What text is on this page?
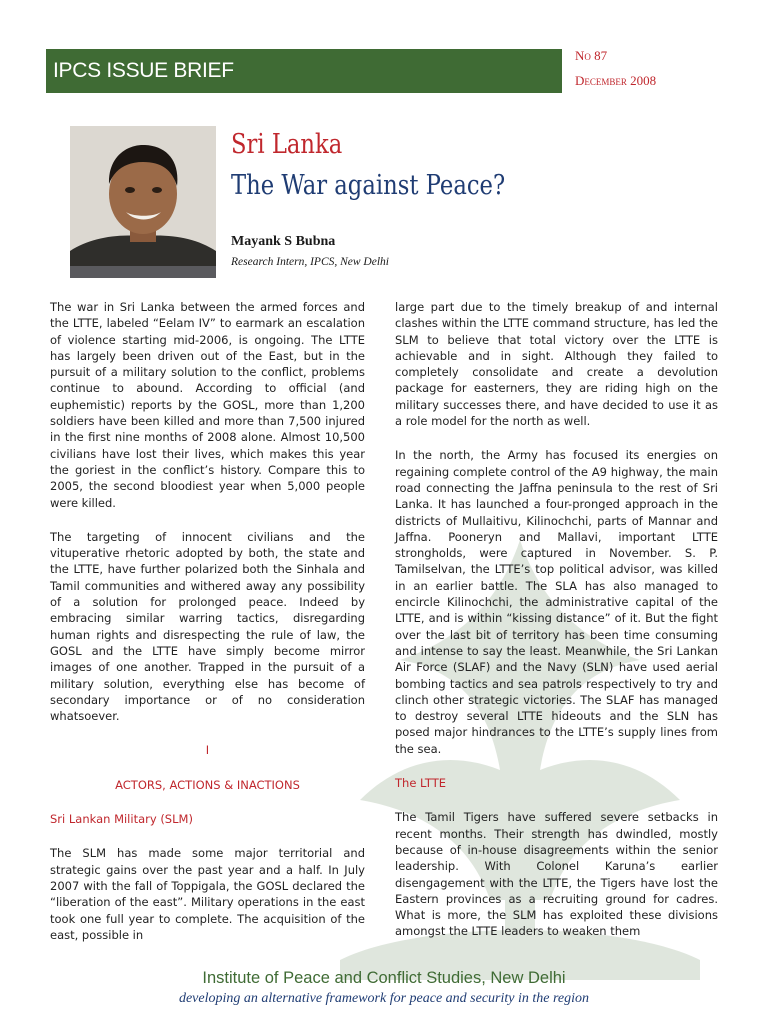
IPCS ISSUE BRIEF
No 87
December 2008
Sri Lanka
The War against Peace?
Mayank S Bubna
Research Intern, IPCS, New Delhi

The war in Sri Lanka between the armed forces and the LTTE, labeled “Eelam IV” to earmark an escalation of violence starting mid-2006, is ongoing. The LTTE has largely been driven out of the East, but in the pursuit of a military solution to the conflict, problems continue to abound. According to official (and euphemistic) reports by the GOSL, more than 1,200 soldiers have been killed and more than 7,500 injured in the first nine months of 2008 alone. Almost 10,500 civilians have lost their lives, which makes this year the goriest in the conflict’s history. Compare this to 2005, the second bloodiest year when 5,000 people were killed.

The targeting of innocent civilians and the vituperative rhetoric adopted by both, the state and the LTTE, have further polarized both the Sinhala and Tamil communities and withered away any possibility of a solution for prolonged peace. Indeed by embracing similar warring tactics, disregarding human rights and disrespecting the rule of law, the GOSL and the LTTE have simply become mirror images of one another. Trapped in the pursuit of a military solution, everything else has become of secondary importance or of no consideration whatsoever.

I

ACTORS, ACTIONS & INACTIONS

Sri Lankan Military (SLM)

The SLM has made some major territorial and strategic gains over the past year and a half. In July 2007 with the fall of Toppigala, the GOSL declared the “liberation of the east”. Military operations in the east took one full year to complete. The acquisition of the east, possible in

large part due to the timely breakup of and internal clashes within the LTTE command structure, has led the SLM to believe that total victory over the LTTE is achievable and in sight. Although they failed to completely consolidate and create a devolution package for easterners, they are riding high on the military successes there, and have decided to use it as a role model for the north as well.

In the north, the Army has focused its energies on regaining complete control of the A9 highway, the main road connecting the Jaffna peninsula to the rest of Sri Lanka. It has launched a four-pronged approach in the districts of Mullaitivu, Kilinochchi, parts of Mannar and Jaffna. Pooneryn and Mallavi, important LTTE strongholds, were captured in November. S. P. Tamilselvan, the LTTE’s top political advisor, was killed in an earlier battle. The SLA has also managed to encircle Kilinochchi, the administrative capital of the LTTE, and is within “kissing distance” of it. But the fight over the last bit of territory has been time consuming and intense to say the least. Meanwhile, the Sri Lankan Air Force (SLAF) and the Navy (SLN) have used aerial bombing tactics and sea patrols respectively to try and clinch other strategic victories. The SLAF has managed to destroy several LTTE hideouts and the SLN has posed major hindrances to the LTTE’s supply lines from the sea.

The LTTE

The Tamil Tigers have suffered severe setbacks in recent months. Their strength has dwindled, mostly because of in-house disagreements within the senior leadership. With Colonel Karuna’s earlier disengagement with the LTTE, the Tigers have lost the Eastern provinces as a recruiting ground for cadres. What is more, the SLM has exploited these divisions amongst the LTTE leaders to weaken them

Institute of Peace and Conflict Studies, New Delhi
developing an alternative framework for peace and security in the region
